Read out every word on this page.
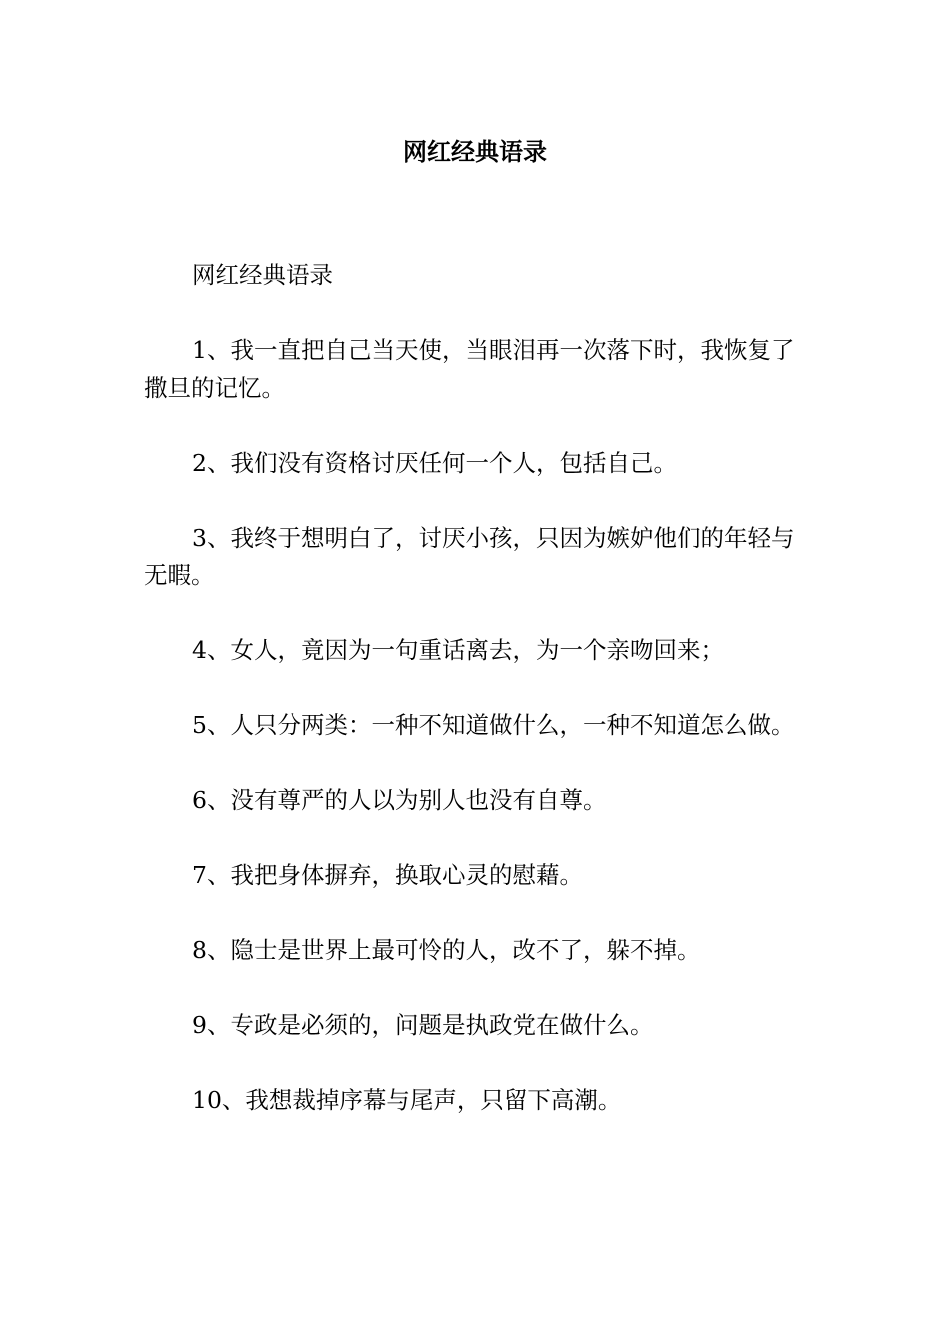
网红经典语录

网红经典语录

1、我一直把自己当天使，当眼泪再一次落下时，我恢复了撒旦的记忆。

2、我们没有资格讨厌任何一个人，包括自己。

3、我终于想明白了，讨厌小孩，只因为嫉妒他们的年轻与无暇。

4、女人，竟因为一句重话离去，为一个亲吻回来；

5、人只分两类：一种不知道做什么，一种不知道怎么做。

6、没有尊严的人以为别人也没有自尊。

7、我把身体摒弃，换取心灵的慰藉。

8、隐士是世界上最可怜的人，改不了，躲不掉。

9、专政是必须的，问题是执政党在做什么。

10、我想裁掉序幕与尾声，只留下高潮。
